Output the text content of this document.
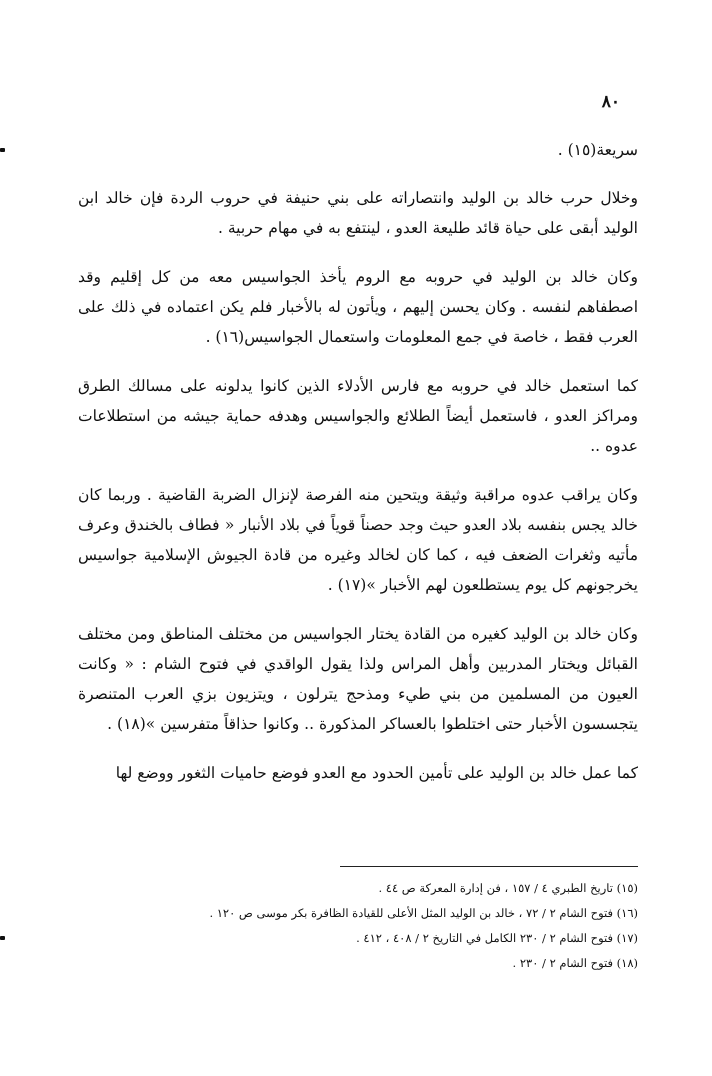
٨٠

سريعة(١٥) .

وخلال حرب خالد بن الوليد وانتصاراته على بني حنيفة في حروب الردة فإن خالد ابن الوليد أبقى على حياة قائد طليعة العدو ، لينتفع به في مهام حربية .

وكان خالد بن الوليد في حروبه مع الروم يأخذ الجواسيس معه من كل إقليم وقد اصطفاهم لنفسه . وكان يحسن إليهم ، ويأتون له بالأخبار فلم يكن اعتماده في ذلك على العرب فقط ، خاصة في جمع المعلومات واستعمال الجواسيس(١٦) .

كما استعمل خالد في حروبه مع فارس الأدلاء الذين كانوا يدلونه على مسالك الطرق ومراكز العدو ، فاستعمل أيضاً الطلائع والجواسيس وهدفه حماية جيشه من استطلاعات عدوه ..

وكان يراقب عدوه مراقبة وثيقة ويتحين منه الفرصة لإنزال الضربة القاضية . وربما كان خالد يجس بنفسه بلاد العدو حيث وجد حصناً قوياً في بلاد الأنبار « فطاف بالخندق وعرف مأتيه وثغرات الضعف فيه ، كما كان لخالد وغيره من قادة الجيوش الإسلامية جواسيس يخرجونهم كل يوم يستطلعون لهم الأخبار »(١٧) .

وكان خالد بن الوليد كغيره من القادة يختار الجواسيس من مختلف المناطق ومن مختلف القبائل ويختار المدربين وأهل المراس ولذا يقول الواقدي في فتوح الشام : « وكانت العيون من المسلمين من بني طيء ومذحج يترلون ، ويتزيون بزي العرب المتنصرة يتجسسون الأخبار حتى اختلطوا بالعساكر المذكورة .. وكانوا حذاقاً متفرسين »(١٨) .

كما عمل خالد بن الوليد على تأمين الحدود مع العدو فوضع حاميات الثغور ووضع لها

(١٥) تاريخ الطبري ٤ / ١٥٧ ، فن إدارة المعركة ص ٤٤ .
(١٦) فتوح الشام ٢ / ٧٢ ، خالد بن الوليد المثل الأعلى للقيادة الظافرة بكر موسى ص ١٢٠ .
(١٧) فتوح الشام ٢ / ٢٣٠ الكامل في التاريخ ٢ / ٤٠٨ ، ٤١٢ .
(١٨) فتوح الشام ٢ / ٢٣٠ .
